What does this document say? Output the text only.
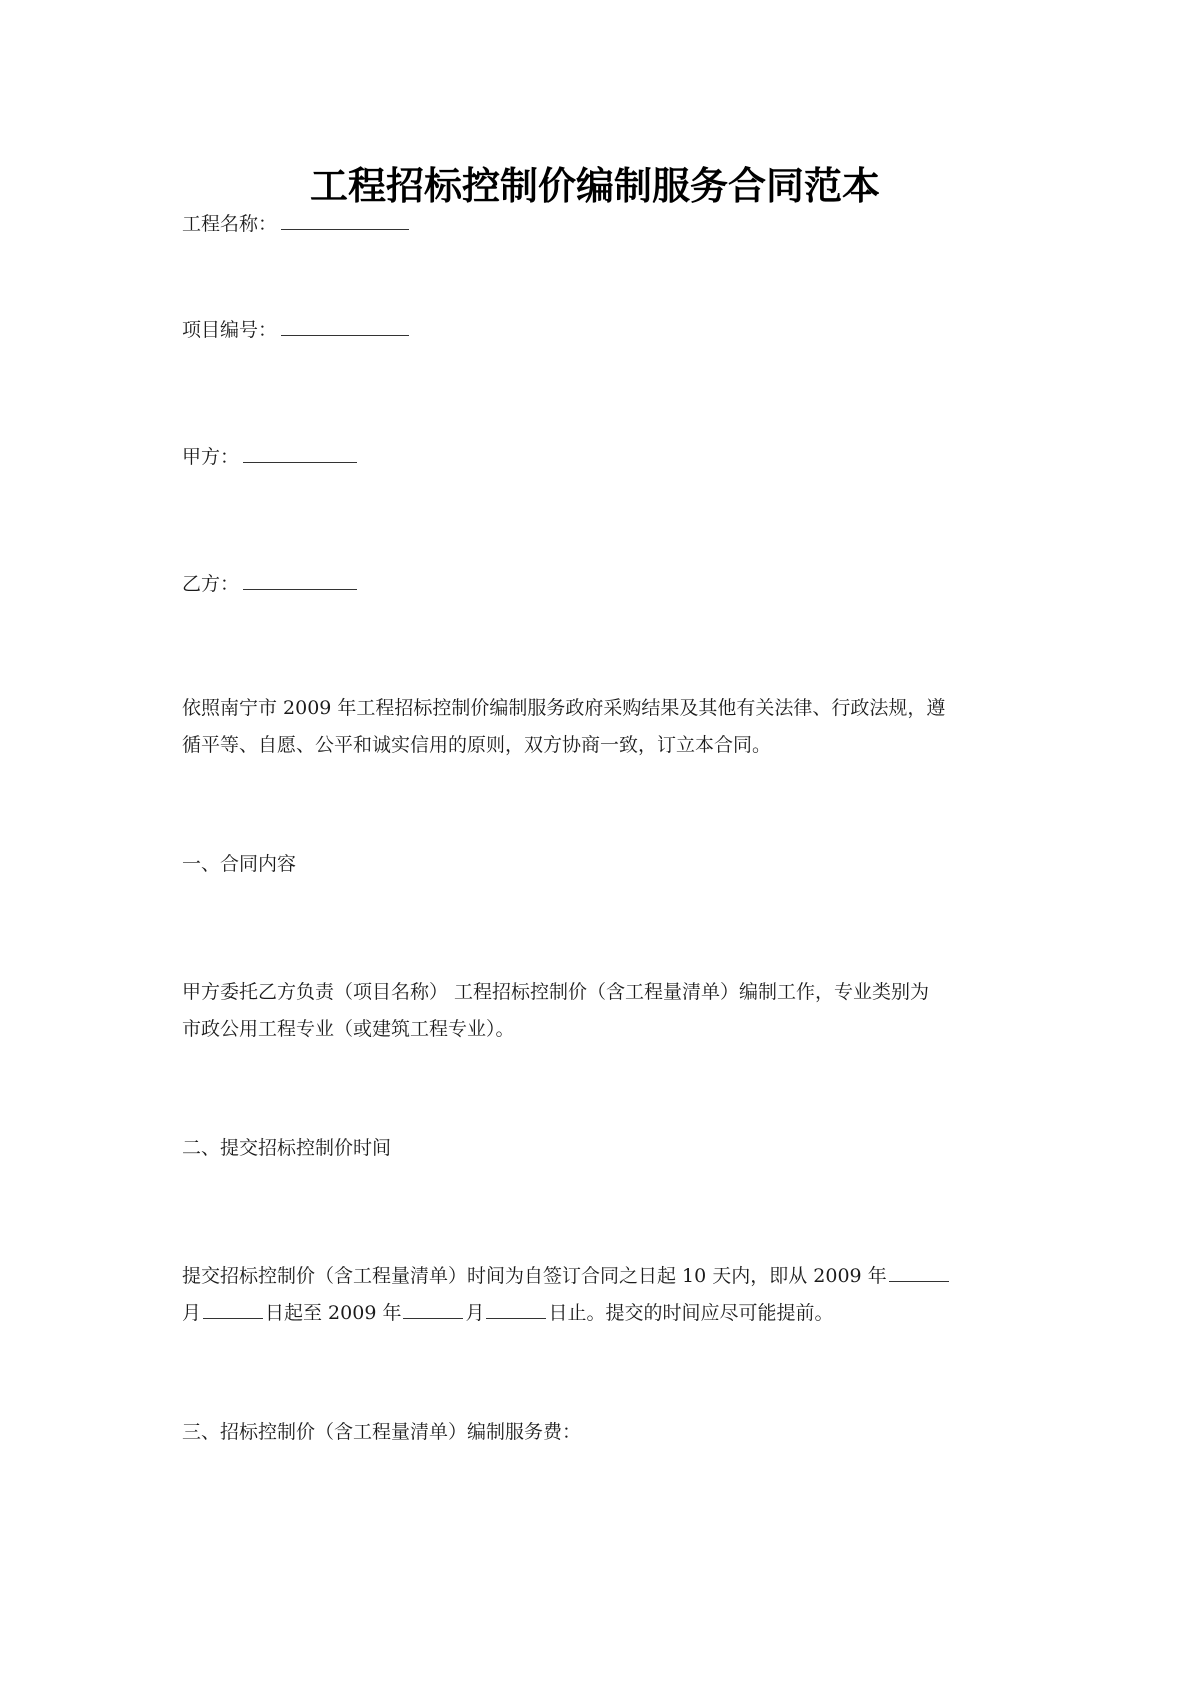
工程招标控制价编制服务合同范本
工程名称：
项目编号：
甲方：
乙方：
依照南宁市 2009 年工程招标控制价编制服务政府采购结果及其他有关法律、行政法规，遵
循平等、自愿、公平和诚实信用的原则，双方协商一致，订立本合同。
一、合同内容
甲方委托乙方负责（项目名称） 工程招标控制价（含工程量清单）编制工作，专业类别为
市政公用工程专业（或建筑工程专业）。
二、提交招标控制价时间
提交招标控制价（含工程量清单）时间为自签订合同之日起 10 天内，即从 2009 年
月	日起至 2009 年	月	日止。提交的时间应尽可能提前。
三、招标控制价（含工程量清单）编制服务费：
